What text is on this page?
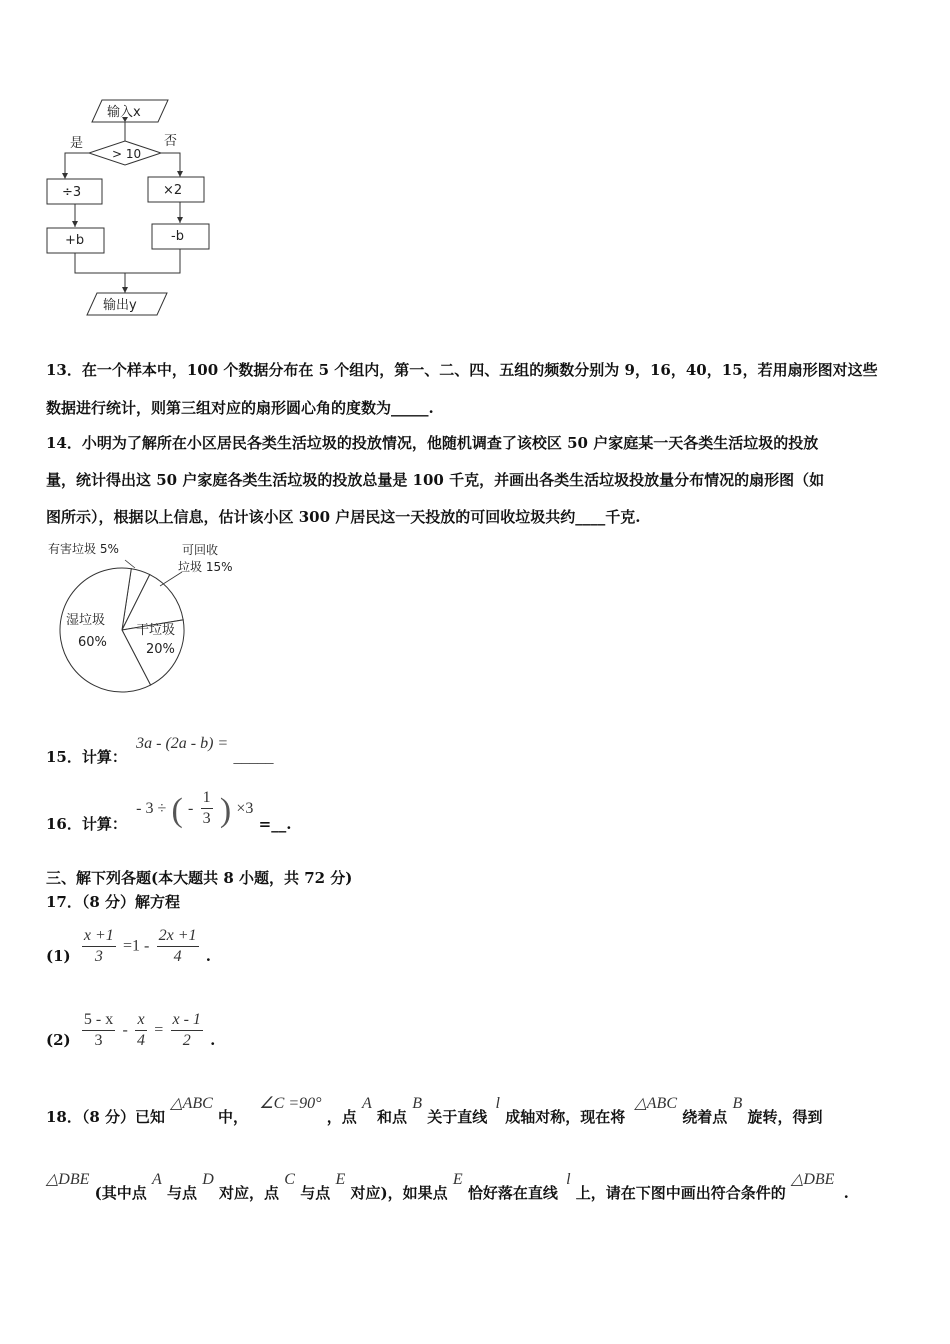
输入x
> 10
是	否
÷3	×2
+b	-b
输出y
13．在一个样本中，100 个数据分布在 5 个组内，第一、二、四、五组的频数分别为 9，16，40，15，若用扇形图对这些
数据进行统计，则第三组对应的扇形圆心角的度数为_____.
14．小明为了解所在小区居民各类生活垃圾的投放情况，他随机调查了该校区 50 户家庭某一天各类生活垃圾的投放
量，统计得出这 50 户家庭各类生活垃圾的投放总量是 100 千克，并画出各类生活垃圾投放量分布情况的扇形图（如
图所示），根据以上信息，估计该小区 300 户居民这一天投放的可回收垃圾共约____千克.
有害垃圾 5%	可回收
垃圾 15%
湿垃圾
60%
干垃圾
20%
15．计算： 3a - (2a - b) = _____
16．计算： - 3 ÷ ( - $\frac{1}{3}$ ) ×3 =__.
三、解下列各题(本大题共 8 小题，共 72 分)
17．（8 分）解方程
$(1) \frac{x +1}{3} =1 - \frac{2x +1}{4}$ .
$(2) \frac{5 - x}{3} - \frac{x}{4} = \frac{x - 1}{2}$ .
18．（8 分）已知 △ABC 中， ∠C =90° ，点 A 和点 B 关于直线 l 成轴对称，现在将 △ABC 绕着点 B 旋转，得到
△DBE (其中点 A 与点 D 对应，点 C 与点 E 对应)，如果点 E 恰好落在直线 l 上，请在下图中画出符合条件的 △DBE .
